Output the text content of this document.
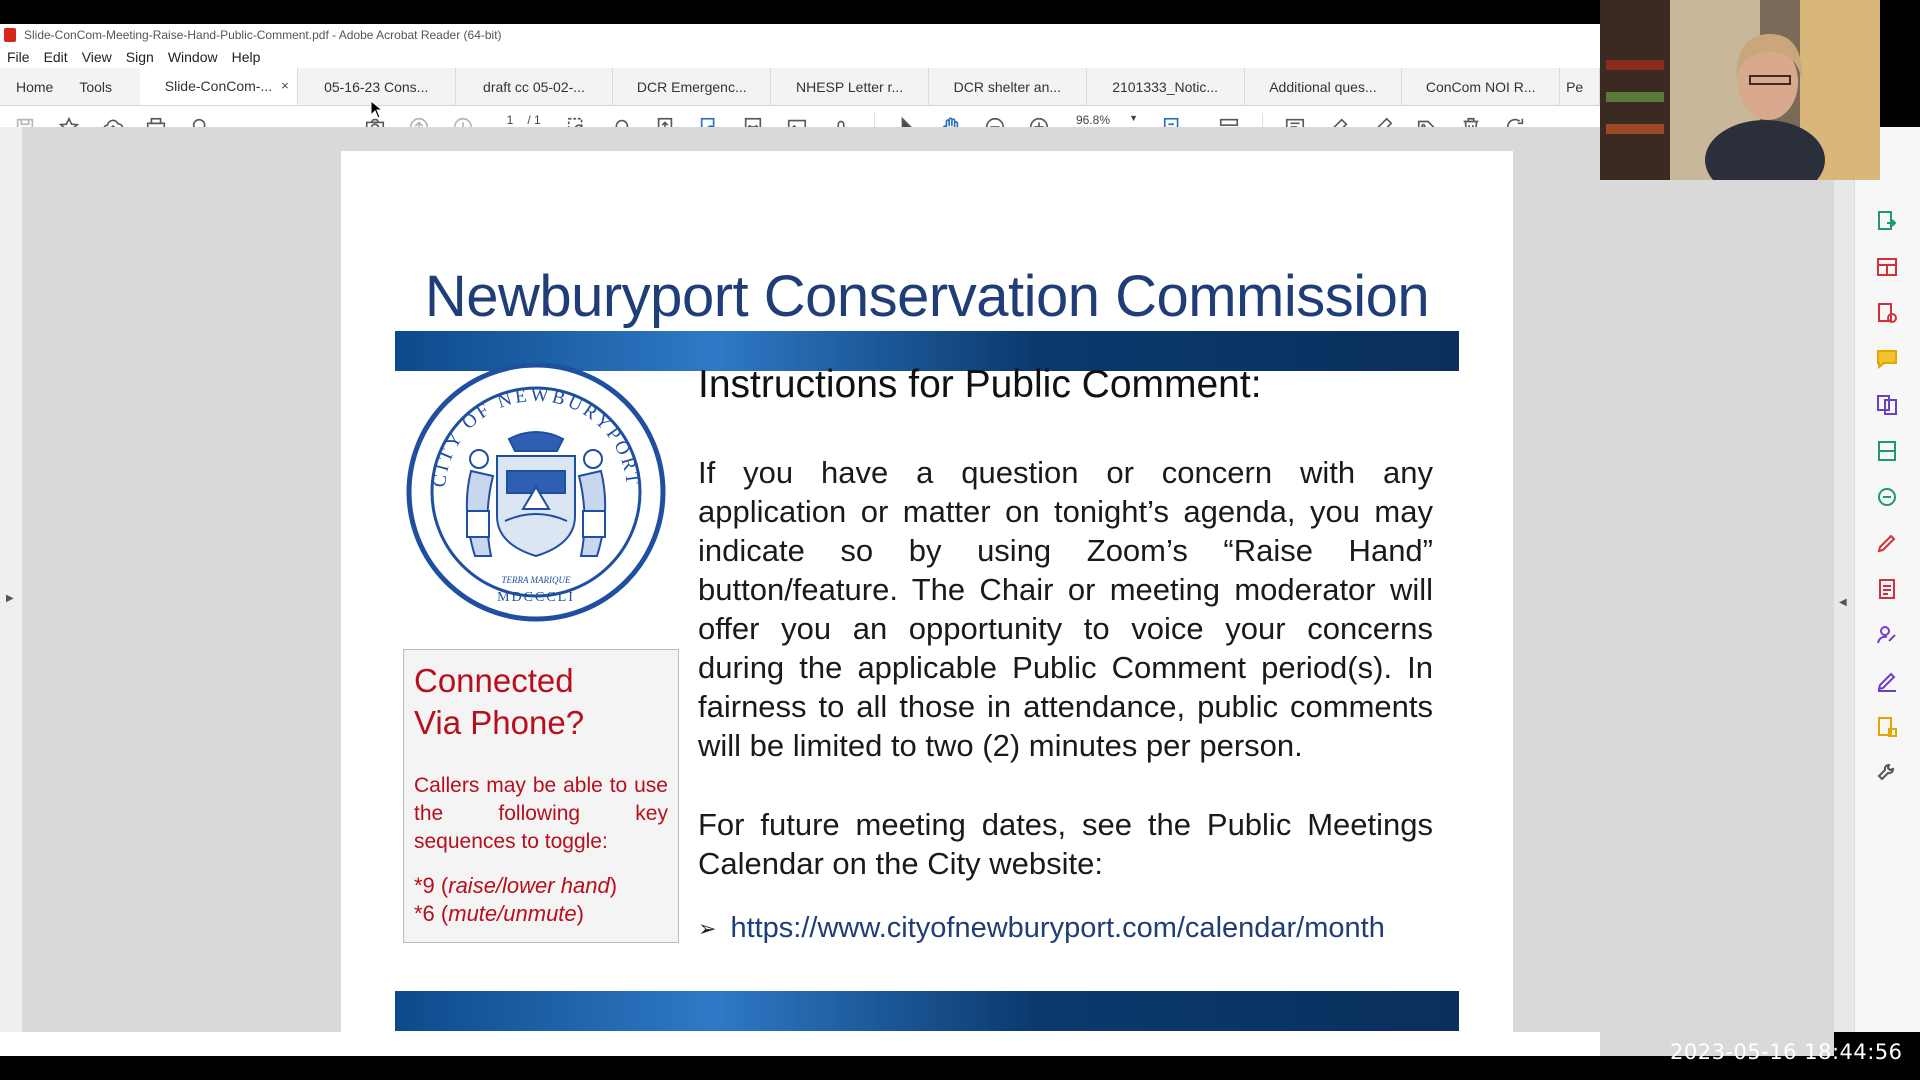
Slide-ConCom-Meeting-Raise-Hand-Public-Comment.pdf - Adobe Acrobat Reader (64-bit)
File	Edit	View	Sign	Window	Help
Home	Tools	Slide-ConCom-... ×	05-16-23 Cons...	draft cc 05-02-...	DCR Emergenc...	NHESP Letter r...	DCR shelter an...	2101333_Notic...	Additional ques...	ConCom NOI R...	Pe
1 / 1	96.8% ▼
▶
Newburyport Conservation Commission
CITY OF NEWBURYPORT
MDCCCLI
TERRA MARIQUE
Connected
Via Phone?
Callers may be able to use the following key sequences to toggle:
*9 (raise/lower hand)
*6 (mute/unmute)
Instructions for Public Comment:
If you have a question or concern with any application or matter on tonight’s agenda, you may indicate so by using Zoom’s “Raise Hand” button/feature. The Chair or meeting moderator will offer you an opportunity to voice your concerns during the applicable Public Comment period(s). In fairness to all those in attendance, public comments will be limited to two (2) minutes per person.
For future meeting dates, see the Public Meetings Calendar on the City website:
➢ https://www.cityofnewburyport.com/calendar/month
◀
2023-05-16 18:44:56
